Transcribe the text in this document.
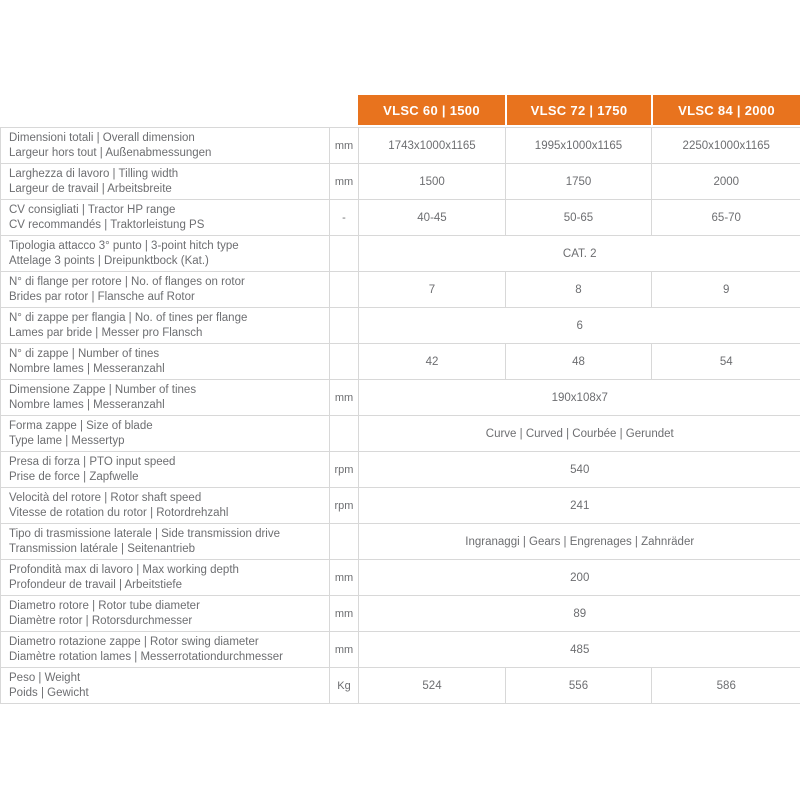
VLSC 60 | 1500	VLSC 72 | 1750	VLSC 84 | 2000
Dimensioni totali | Overall dimension
Largeur hors tout | Außenabmessungen	mm	1743x1000x1165	1995x1000x1165	2250x1000x1165

Larghezza di lavoro | Tilling width
Largeur de travail | Arbeitsbreite	mm	1500	1750	2000

CV consigliati | Tractor HP range
CV recommandés | Traktorleistung PS	-	40-45	50-65	65-70

Tipologia attacco 3° punto | 3-point hitch type
Attelage 3 points | Dreipunktbock (Kat.)		CAT. 2		

N° di flange per rotore | No. of flanges on rotor
Brides par rotor | Flansche auf Rotor		7	8	9

N° di zappe per flangia | No. of tines per flange
Lames par bride | Messer pro Flansch		6		

N° di zappe | Number of tines
Nombre lames | Messeranzahl		42	48	54

Dimensione Zappe | Number of tines
Nombre lames | Messeranzahl	mm	190x108x7		

Forma zappe | Size of blade
Type lame | Messertyp		Curve | Curved | Courbée | Gerundet		

Presa di forza | PTO input speed
Prise de force | Zapfwelle	rpm	540		

Velocità del rotore | Rotor shaft speed
Vitesse de rotation du rotor | Rotordrehzahl	rpm	241		

Tipo di trasmissione laterale | Side transmission drive
Transmission latérale | Seitenantrieb		Ingranaggi | Gears | Engrenages | Zahnräder		

Profondità max di lavoro | Max working depth
Profondeur de travail | Arbeitstiefe	mm	200		

Diametro rotore | Rotor tube diameter
Diamètre rotor | Rotorsdurchmesser	mm	89		

Diametro rotazione zappe | Rotor swing diameter
Diamètre rotation lames | Messerrotationdurchmesser	mm	485		

Peso | Weight
Poids | Gewicht	Kg	524	556	586
